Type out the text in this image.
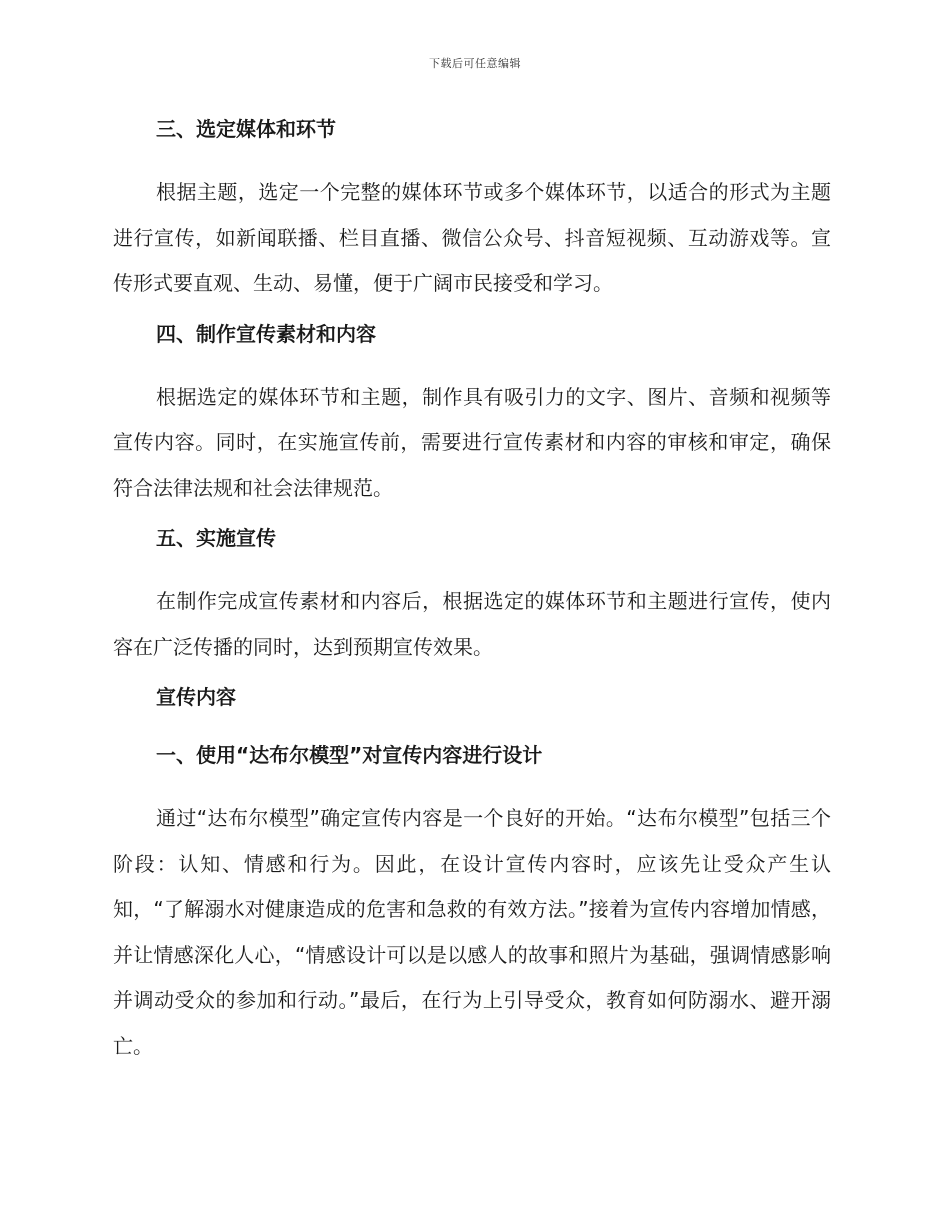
下载后可任意编辑
三、选定媒体和环节

根据主题，选定一个完整的媒体环节或多个媒体环节，以适合的形式为主题进行宣传，如新闻联播、栏目直播、微信公众号、抖音短视频、互动游戏等。宣传形式要直观、生动、易懂，便于广阔市民接受和学习。

四、制作宣传素材和内容

根据选定的媒体环节和主题，制作具有吸引力的文字、图片、音频和视频等宣传内容。同时，在实施宣传前，需要进行宣传素材和内容的审核和审定，确保符合法律法规和社会法律规范。

五、实施宣传

在制作完成宣传素材和内容后，根据选定的媒体环节和主题进行宣传，使内容在广泛传播的同时，达到预期宣传效果。

宣传内容
一、使用“达布尔模型”对宣传内容进行设计

通过“达布尔模型”确定宣传内容是一个良好的开始。“达布尔模型”包括三个阶段：认知、情感和行为。因此，在设计宣传内容时，应该先让受众产生认知，“了解溺水对健康造成的危害和急救的有效方法。”接着为宣传内容增加情感，并让情感深化人心，“情感设计可以是以感人的故事和照片为基础，强调情感影响并调动受众的参加和行动。”最后，在行为上引导受众，教育如何防溺水、避开溺亡。
